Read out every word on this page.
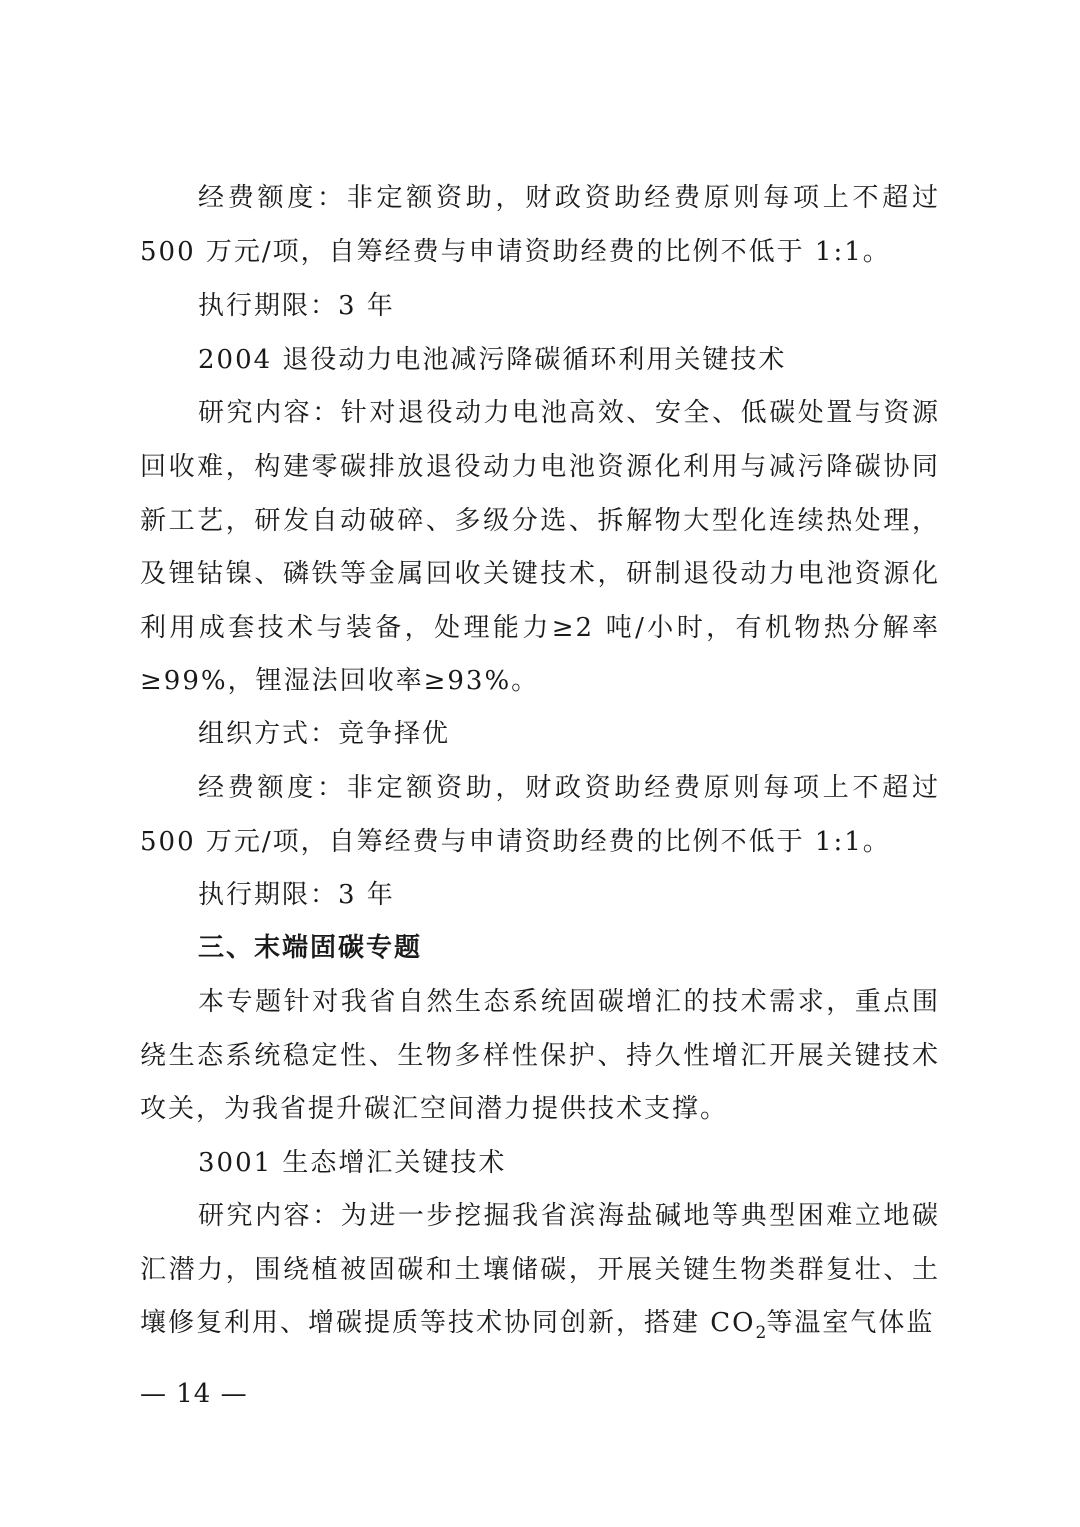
经费额度：非定额资助，财政资助经费原则每项上不超过
500 万元/项，自筹经费与申请资助经费的比例不低于 1:1。
执行期限：3 年
2004 退役动力电池减污降碳循环利用关键技术
研究内容：针对退役动力电池高效、安全、低碳处置与资源
回收难，构建零碳排放退役动力电池资源化利用与减污降碳协同
新工艺，研发自动破碎、多级分选、拆解物大型化连续热处理，
及锂钴镍、磷铁等金属回收关键技术，研制退役动力电池资源化
利用成套技术与装备，处理能力≥2 吨/小时，有机物热分解率
≥99%，锂湿法回收率≥93%。
组织方式：竞争择优
经费额度：非定额资助，财政资助经费原则每项上不超过
500 万元/项，自筹经费与申请资助经费的比例不低于 1:1。
执行期限：3 年
三、末端固碳专题
本专题针对我省自然生态系统固碳增汇的技术需求，重点围
绕生态系统稳定性、生物多样性保护、持久性增汇开展关键技术
攻关，为我省提升碳汇空间潜力提供技术支撑。
3001 生态增汇关键技术
研究内容：为进一步挖掘我省滨海盐碱地等典型困难立地碳
汇潜力，围绕植被固碳和土壤储碳，开展关键生物类群复壮、土
壤修复利用、增碳提质等技术协同创新，搭建 $CO_2$等温室气体监
— 14 —
